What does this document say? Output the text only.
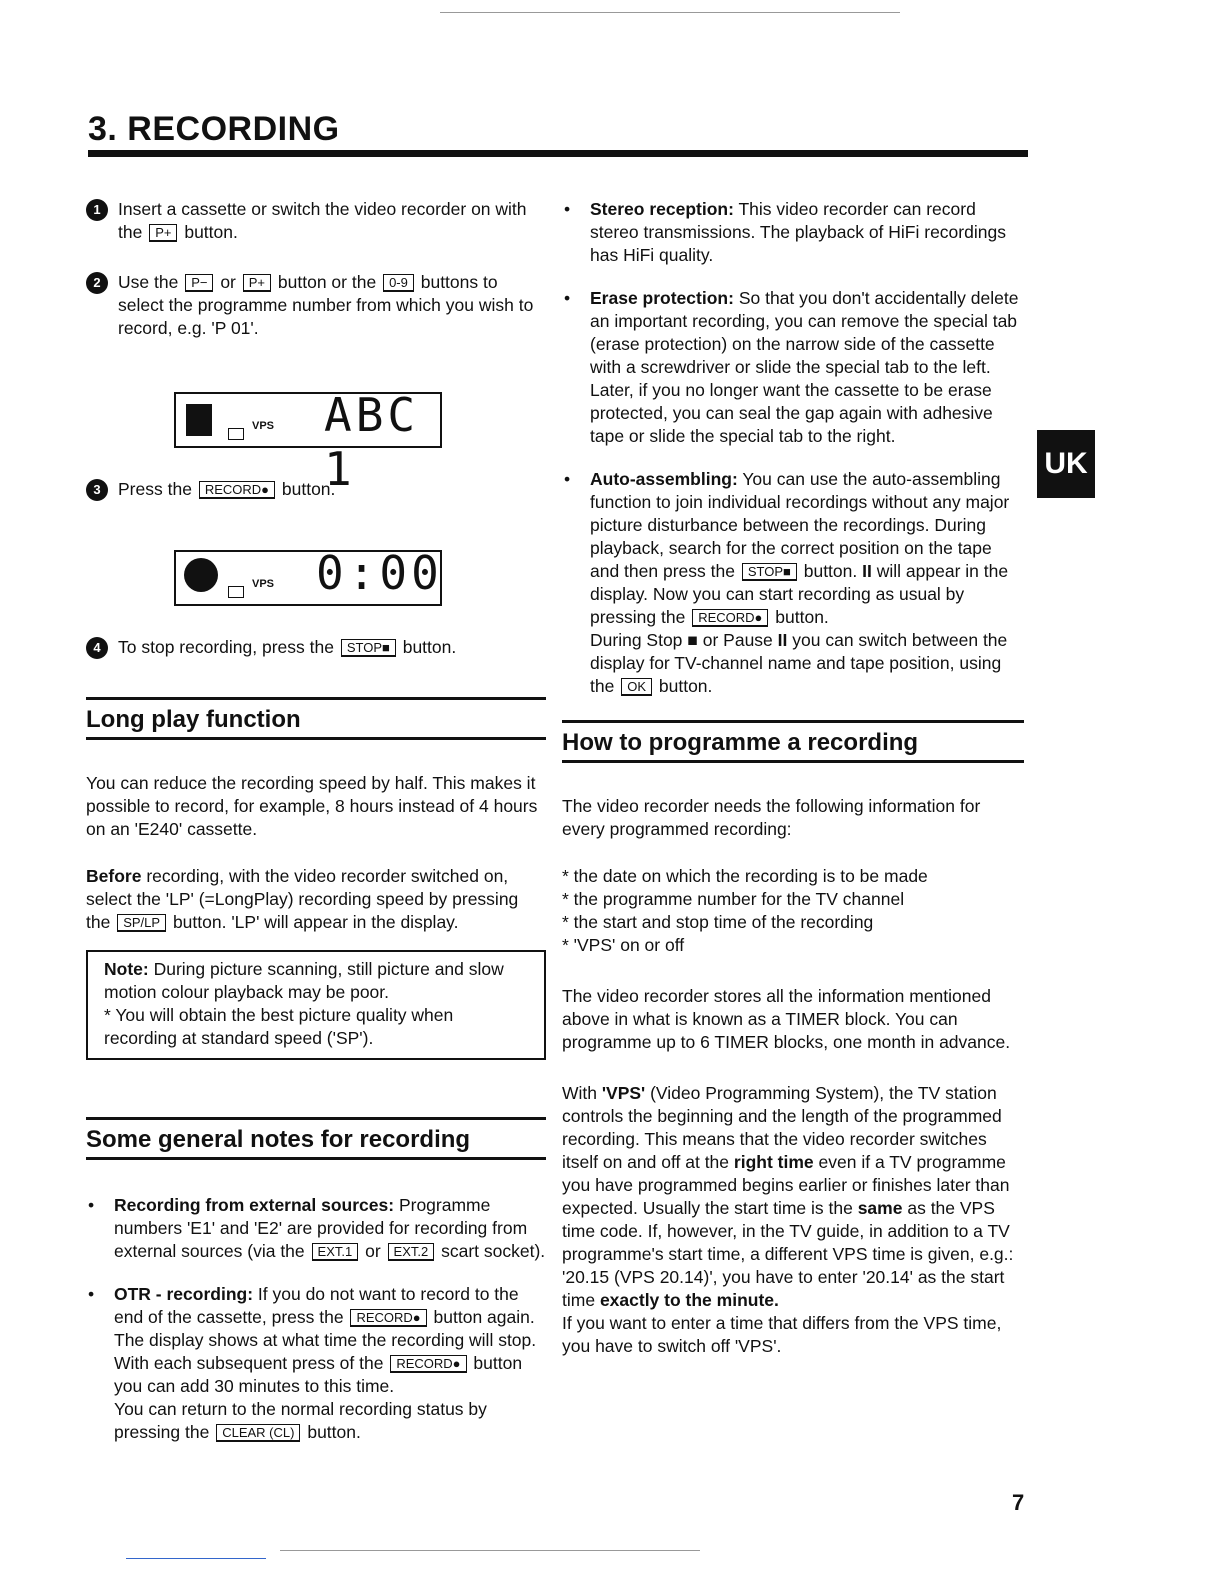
3. RECORDING
UK
1 Insert a cassette or switch the video recorder on with the P+ button.
2 Use the P− or P+ button or the 0-9 buttons to select the programme number from which you wish to record, e.g. 'P 01'.
VPS ABC 1
3 Press the RECORD● button.
VPS 0:00
4 To stop recording, press the STOP■ button.
Long play function

You can reduce the recording speed by half. This makes it possible to record, for example, 8 hours instead of 4 hours on an 'E240' cassette.

Before recording, with the video recorder switched on, select the 'LP' (=LongPlay) recording speed by pressing the SP/LP button. 'LP' will appear in the display.

Note: During picture scanning, still picture and slow motion colour playback may be poor.
* You will obtain the best picture quality when recording at standard speed ('SP').
Some general notes for recording
• Recording from external sources: Programme numbers 'E1' and 'E2' are provided for recording from external sources (via the EXT.1 or EXT.2 scart socket).
• OTR - recording: If you do not want to record to the end of the cassette, press the RECORD● button again. The display shows at what time the recording will stop. With each subsequent press of the RECORD● button you can add 30 minutes to this time.
You can return to the normal recording status by pressing the CLEAR (CL) button.
• Stereo reception: This video recorder can record stereo transmissions. The playback of HiFi recordings has HiFi quality.
• Erase protection: So that you don't accidentally delete an important recording, you can remove the special tab (erase protection) on the narrow side of the cassette with a screwdriver or slide the special tab to the left. Later, if you no longer want the cassette to be erase protected, you can seal the gap again with adhesive tape or slide the special tab to the right.
• Auto-assembling: You can use the auto-assembling function to join individual recordings without any major picture disturbance between the recordings. During playback, search for the correct position on the tape and then press the STOP■ button. II will appear in the display. Now you can start recording as usual by pressing the RECORD● button.
During Stop ■ or Pause II you can switch between the display for TV-channel name and tape position, using the OK button.
How to programme a recording

The video recorder needs the following information for every programmed recording:

* the date on which the recording is to be made
* the programme number for the TV channel
* the start and stop time of the recording
* 'VPS' on or off

The video recorder stores all the information mentioned above in what is known as a TIMER block. You can programme up to 6 TIMER blocks, one month in advance.

With 'VPS' (Video Programming System), the TV station controls the beginning and the length of the programmed recording. This means that the video recorder switches itself on and off at the right time even if a TV programme you have programmed begins earlier or finishes later than expected. Usually the start time is the same as the VPS time code. If, however, in the TV guide, in addition to a TV programme's start time, a different VPS time is given, e.g.: '20.15 (VPS 20.14)', you have to enter '20.14' as the start time exactly to the minute.

If you want to enter a time that differs from the VPS time, you have to switch off 'VPS'.

7
